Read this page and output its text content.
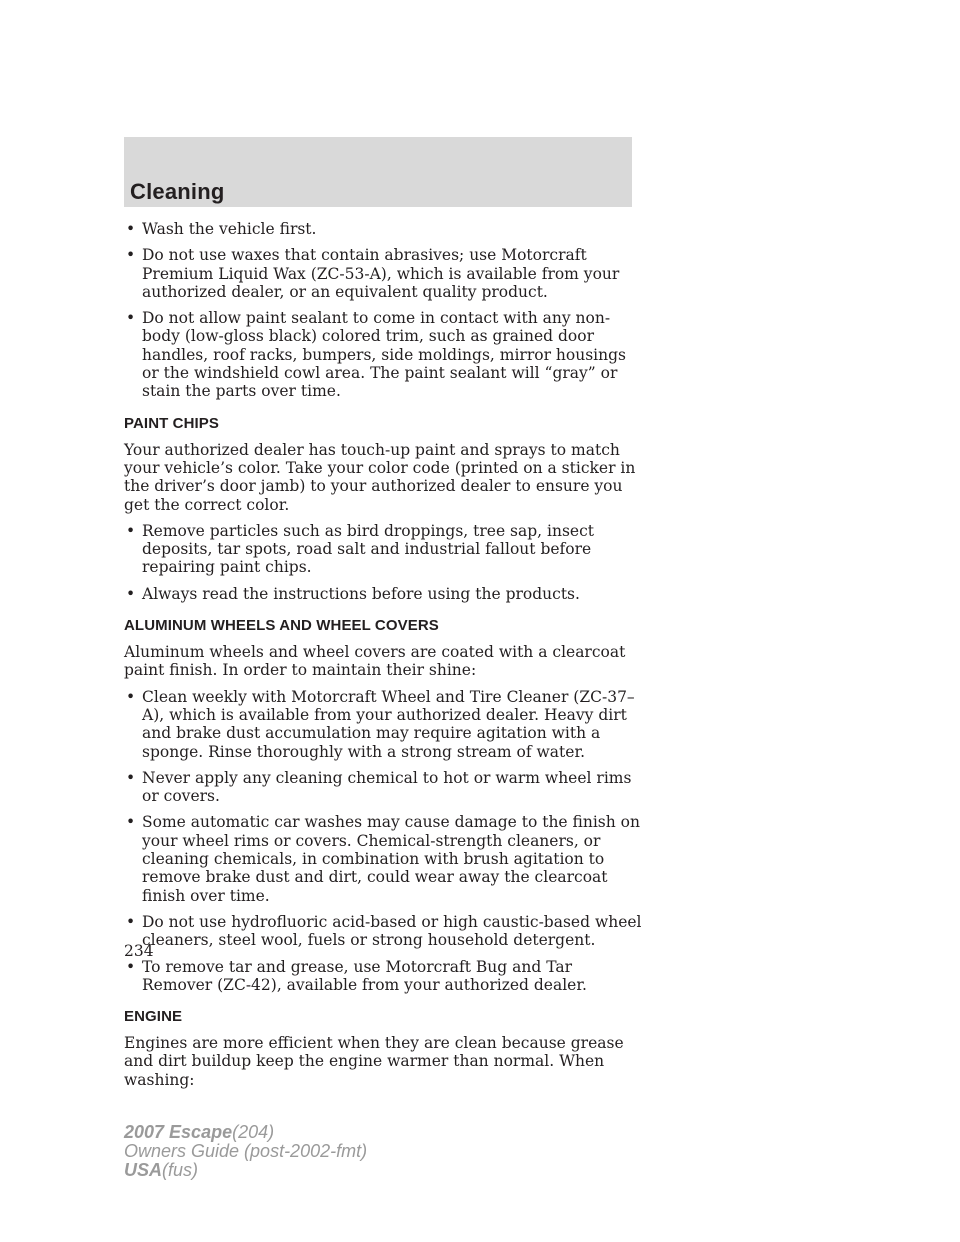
Cleaning
• Wash the vehicle first.
• Do not use waxes that contain abrasives; use Motorcraft Premium Liquid Wax (ZC-53-A), which is available from your authorized dealer, or an equivalent quality product.
• Do not allow paint sealant to come in contact with any non-body (low-gloss black) colored trim, such as grained door handles, roof racks, bumpers, side moldings, mirror housings or the windshield cowl area. The paint sealant will “gray” or stain the parts over time.
PAINT CHIPS

Your authorized dealer has touch-up paint and sprays to match your vehicle’s color. Take your color code (printed on a sticker in the driver’s door jamb) to your authorized dealer to ensure you get the correct color.

• Remove particles such as bird droppings, tree sap, insect deposits, tar spots, road salt and industrial fallout before repairing paint chips.
• Always read the instructions before using the products.
ALUMINUM WHEELS AND WHEEL COVERS

Aluminum wheels and wheel covers are coated with a clearcoat paint finish. In order to maintain their shine:

• Clean weekly with Motorcraft Wheel and Tire Cleaner (ZC-37–A), which is available from your authorized dealer. Heavy dirt and brake dust accumulation may require agitation with a sponge. Rinse thoroughly with a strong stream of water.
• Never apply any cleaning chemical to hot or warm wheel rims or covers.
• Some automatic car washes may cause damage to the finish on your wheel rims or covers. Chemical-strength cleaners, or cleaning chemicals, in combination with brush agitation to remove brake dust and dirt, could wear away the clearcoat finish over time.
• Do not use hydrofluoric acid-based or high caustic-based wheel cleaners, steel wool, fuels or strong household detergent.
• To remove tar and grease, use Motorcraft Bug and Tar Remover (ZC-42), available from your authorized dealer.
ENGINE

Engines are more efficient when they are clean because grease and dirt buildup keep the engine warmer than normal. When washing:

234
2007 Escape(204)
Owners Guide (post-2002-fmt)
USA(fus)
